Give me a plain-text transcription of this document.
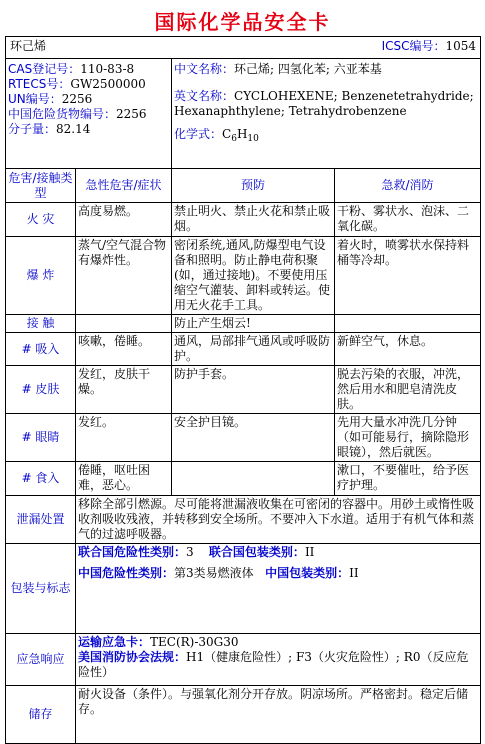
国际化学品安全卡
环己烯 ICSC编号：1054			

CAS登记号：110-83-8
RTECS号：GW2500000
UN编号：2256
中国危险货物编号：2256
分子量：82.14		中文名称：环己烯; 四氢化苯; 六亚苯基
英文名称：CYCLOHEXENE; Benzenetetrahydride; Hexanaphthylene; Tetrahydrobenzene
化学式：$C_6H_{10}$

危害/接触类型	急性危害/症状	预防	急救/消防
火 灾	高度易燃。	禁止明火、禁止火花和禁止吸烟。	干粉、雾状水、泡沫、二氧化碳。
爆 炸	蒸气/空气混合物有爆炸性。	密闭系统,通风,防爆型电气设备和照明。防止静电荷积聚(如，通过接地)。不要使用压缩空气灌装、卸料或转运。使用无火花手工具。	着火时，喷雾状水保持料桶等冷却。
接 触		防止产生烟云!	
# 吸入	咳嗽，倦睡。	通风，局部排气通风或呼吸防护。	新鲜空气，休息。
# 皮肤	发红，皮肤干燥。	防护手套。	脱去污染的衣服，冲洗，然后用水和肥皂清洗皮肤。
# 眼睛	发红。	安全护目镜。	先用大量水冲洗几分钟（如可能易行，摘除隐形眼镜），然后就医。
# 食入	倦睡，呕吐困难，恶心。		漱口，不要催吐，给予医疗护理。
泄漏处置	移除全部引燃源。尽可能将泄漏液收集在可密闭的容器中。用砂土或惰性吸收剂吸收残液，并转移到安全场所。不要冲入下水道。适用于有机气体和蒸气的过滤呼吸器。		
包装与标志	联合国危险性类别：3 联合国包装类别：II
中国危险性类别：第3类易燃液体 中国包装类别：II		

应急响应	运输应急卡：TEC(R)-30G30
美国消防协会法规：H1（健康危险性）; F3（火灾危险性）; R0（反应危险性）		

储存	耐火设备（条件）。与强氧化剂分开存放。阴凉场所。严格密封。稳定后储存。		
